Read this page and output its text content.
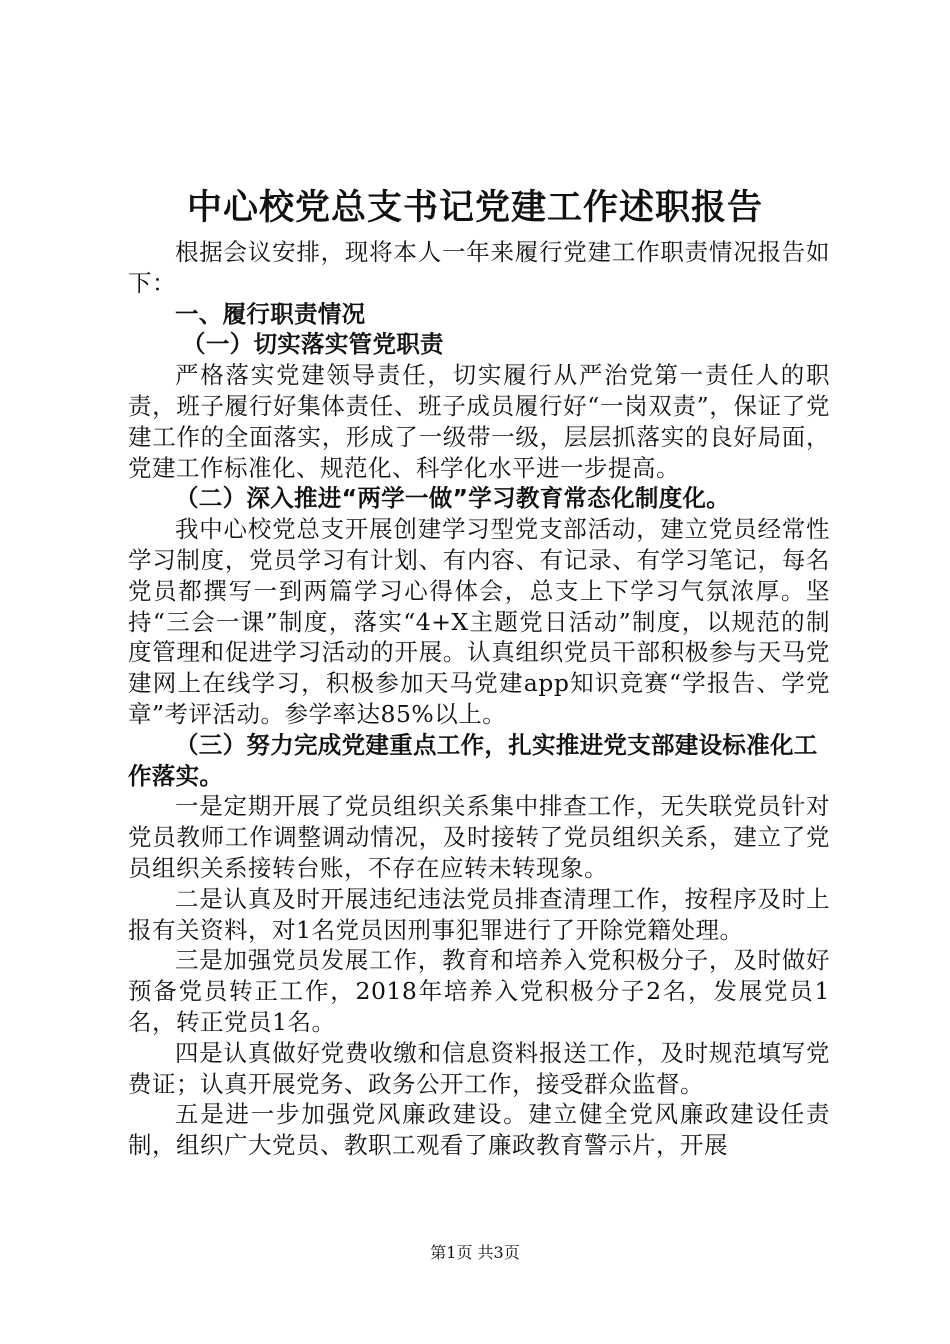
中心校党总支书记党建工作述职报告

根据会议安排，现将本人一年来履行党建工作职责情况报告如下：

一、履行职责情况

（一）切实落实管党职责

严格落实党建领导责任，切实履行从严治党第一责任人的职责，班子履行好集体责任、班子成员履行好“一岗双责”，保证了党建工作的全面落实，形成了一级带一级，层层抓落实的良好局面，党建工作标准化、规范化、科学化水平进一步提高。

（二）深入推进“两学一做”学习教育常态化制度化。

我中心校党总支开展创建学习型党支部活动，建立党员经常性学习制度，党员学习有计划、有内容、有记录、有学习笔记，每名党员都撰写一到两篇学习心得体会，总支上下学习气氛浓厚。坚持“三会一课”制度，落实“4+X主题党日活动”制度，以规范的制度管理和促进学习活动的开展。认真组织党员干部积极参与天马党建网上在线学习，积极参加天马党建app知识竞赛“学报告、学党章”考评活动。参学率达85%以上。

（三）努力完成党建重点工作，扎实推进党支部建设标准化工作落实。

一是定期开展了党员组织关系集中排查工作，无失联党员针对党员教师工作调整调动情况，及时接转了党员组织关系，建立了党员组织关系接转台账，不存在应转未转现象。

二是认真及时开展违纪违法党员排查清理工作，按程序及时上报有关资料，对1名党员因刑事犯罪进行了开除党籍处理。

三是加强党员发展工作，教育和培养入党积极分子，及时做好预备党员转正工作，2018年培养入党积极分子2名，发展党员1名，转正党员1名。

四是认真做好党费收缴和信息资料报送工作，及时规范填写党费证；认真开展党务、政务公开工作，接受群众监督。

五是进一步加强党风廉政建设。建立健全党风廉政建设任责制，组织广大党员、教职工观看了廉政教育警示片，开展

第1页 共3页
